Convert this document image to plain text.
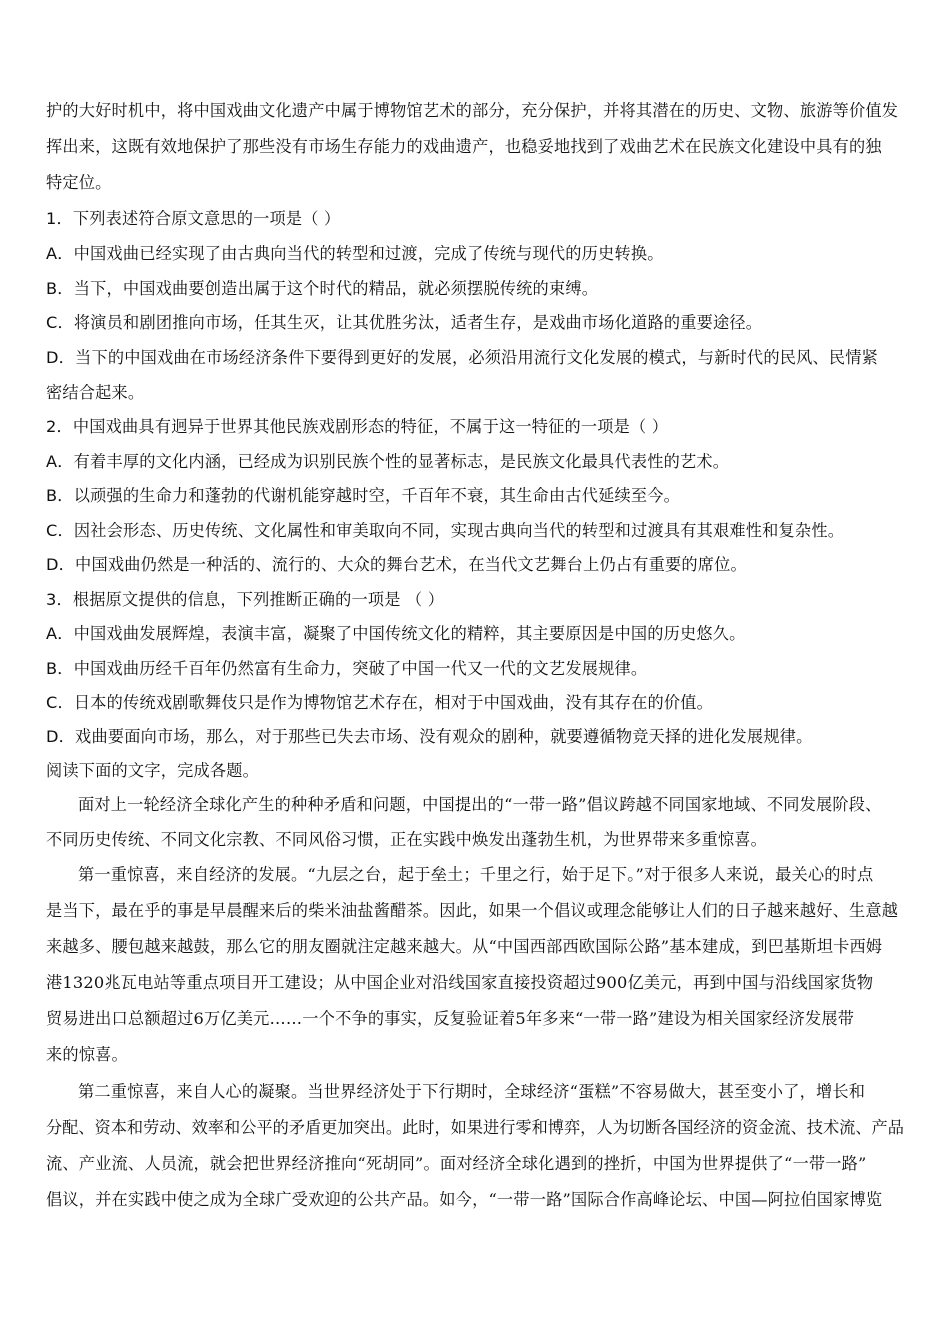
护的大好时机中，将中国戏曲文化遗产中属于博物馆艺术的部分，充分保护，并将其潜在的历史、文物、旅游等价值发
挥出来，这既有效地保护了那些没有市场生存能力的戏曲遗产，也稳妥地找到了戏曲艺术在民族文化建设中具有的独
特定位。
1．下列表述符合原文意思的一项是（ ）
A．中国戏曲已经实现了由古典向当代的转型和过渡，完成了传统与现代的历史转换。
B．当下，中国戏曲要创造出属于这个时代的精品，就必须摆脱传统的束缚。
C．将演员和剧团推向市场，任其生灭，让其优胜劣汰，适者生存，是戏曲市场化道路的重要途径。
D．当下的中国戏曲在市场经济条件下要得到更好的发展，必须沿用流行文化发展的模式，与新时代的民风、民情紧
密结合起来。
2．中国戏曲具有迥异于世界其他民族戏剧形态的特征，不属于这一特征的一项是（ ）
A．有着丰厚的文化内涵，已经成为识别民族个性的显著标志，是民族文化最具代表性的艺术。
B．以顽强的生命力和蓬勃的代谢机能穿越时空，千百年不衰，其生命由古代延续至今。
C．因社会形态、历史传统、文化属性和审美取向不同，实现古典向当代的转型和过渡具有其艰难性和复杂性。
D．中国戏曲仍然是一种活的、流行的、大众的舞台艺术，在当代文艺舞台上仍占有重要的席位。
3．根据原文提供的信息，下列推断正确的一项是 （ ）
A．中国戏曲发展辉煌，表演丰富，凝聚了中国传统文化的精粹，其主要原因是中国的历史悠久。
B．中国戏曲历经千百年仍然富有生命力，突破了中国一代又一代的文艺发展规律。
C．日本的传统戏剧歌舞伎只是作为博物馆艺术存在，相对于中国戏曲，没有其存在的价值。
D．戏曲要面向市场，那么，对于那些已失去市场、没有观众的剧种，就要遵循物竞天择的进化发展规律。
阅读下面的文字，完成各题。
面对上一轮经济全球化产生的种种矛盾和问题，中国提出的“一带一路”倡议跨越不同国家地域、不同发展阶段、
不同历史传统、不同文化宗教、不同风俗习惯，正在实践中焕发出蓬勃生机，为世界带来多重惊喜。
第一重惊喜，来自经济的发展。“九层之台，起于垒土；千里之行，始于足下。”对于很多人来说，最关心的时点
是当下，最在乎的事是早晨醒来后的柴米油盐酱醋茶。因此，如果一个倡议或理念能够让人们的日子越来越好、生意越
来越多、腰包越来越鼓，那么它的朋友圈就注定越来越大。从“中国西部西欧国际公路”基本建成，到巴基斯坦卡西姆
港1320兆瓦电站等重点项目开工建设；从中国企业对沿线国家直接投资超过900亿美元，再到中国与沿线国家货物
贸易进出口总额超过6万亿美元……一个不争的事实，反复验证着5年多来“一带一路”建设为相关国家经济发展带
来的惊喜。
第二重惊喜，来自人心的凝聚。当世界经济处于下行期时，全球经济“蛋糕”不容易做大，甚至变小了，增长和
分配、资本和劳动、效率和公平的矛盾更加突出。此时，如果进行零和博弈，人为切断各国经济的资金流、技术流、产品
流、产业流、人员流，就会把世界经济推向“死胡同”。面对经济全球化遇到的挫折，中国为世界提供了“一带一路”
倡议，并在实践中使之成为全球广受欢迎的公共产品。如今，“一带一路”国际合作高峰论坛、中国—阿拉伯国家博览
